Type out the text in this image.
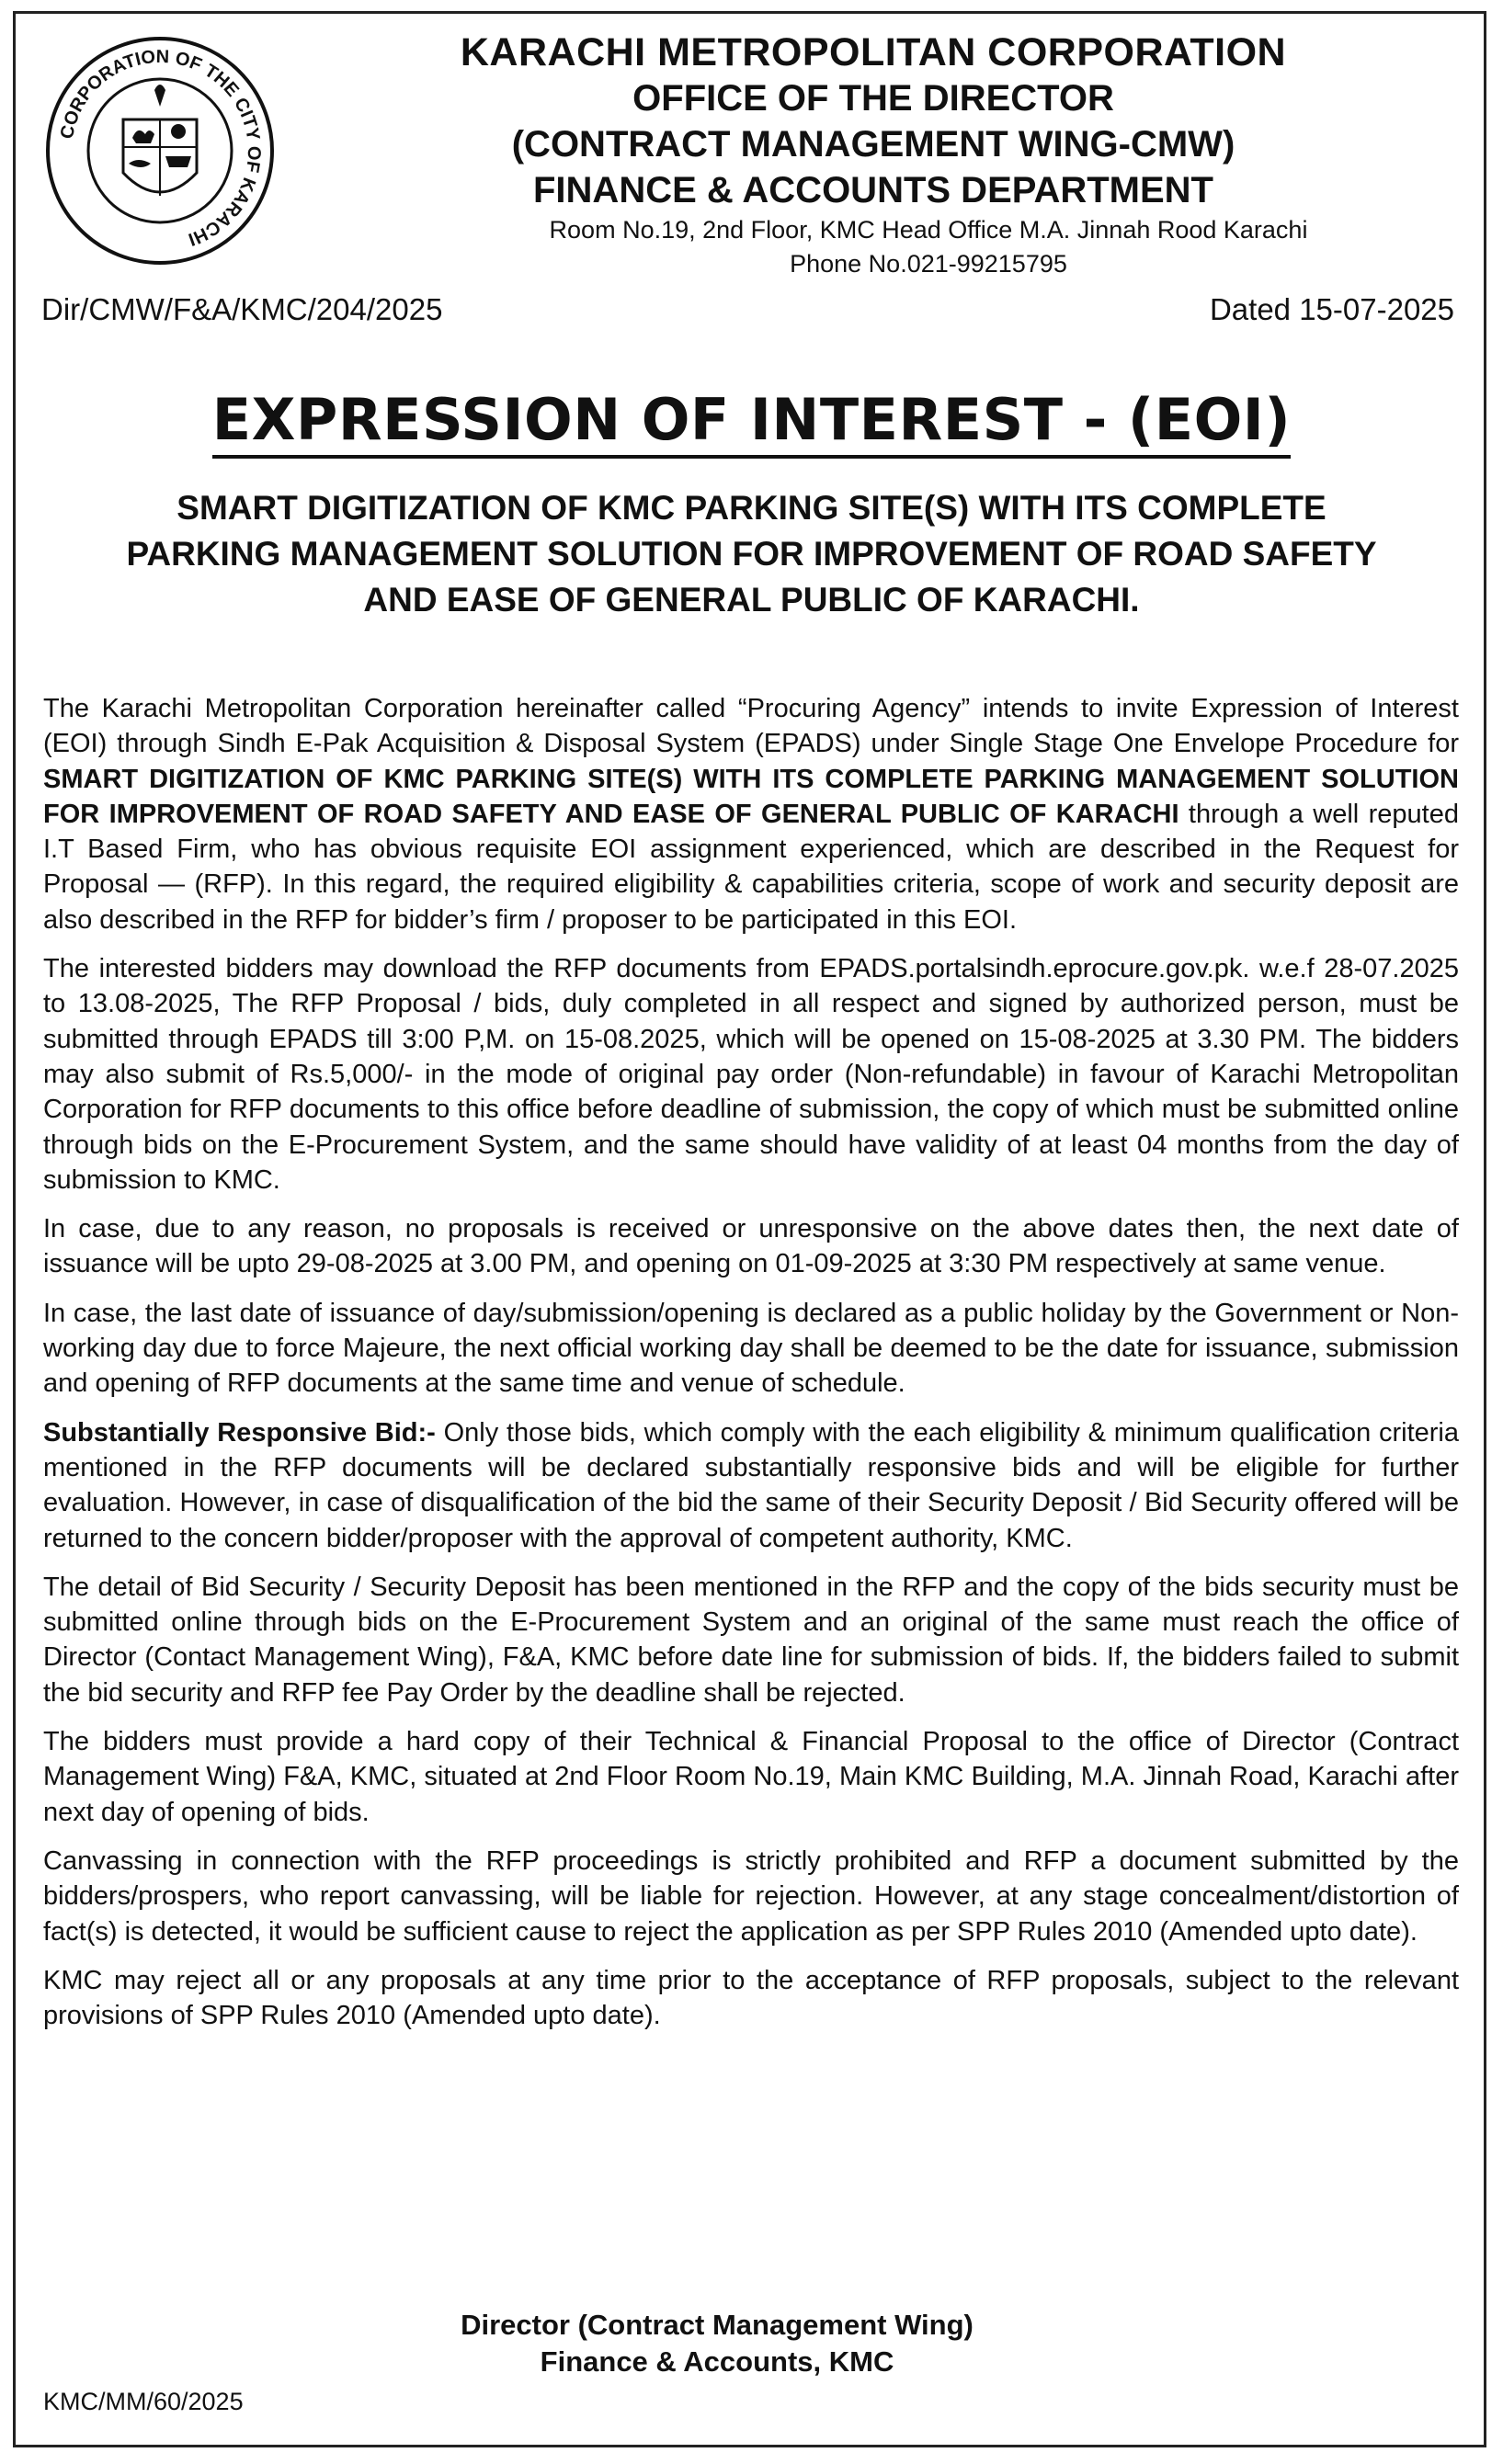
CORPORATION OF THE CITY OF KARACHI
KARACHI METROPOLITAN CORPORATION
OFFICE OF THE DIRECTOR
(CONTRACT MANAGEMENT WING-CMW)
FINANCE & ACCOUNTS DEPARTMENT
Room No.19, 2nd Floor, KMC Head Office M.A. Jinnah Rood Karachi
Phone No.021-99215795
Dir/CMW/F&A/KMC/204/2025	Dated 15-07-2025
EXPRESSION OF INTEREST - (EOI)
SMART DIGITIZATION OF KMC PARKING SITE(S) WITH ITS COMPLETE PARKING MANAGEMENT SOLUTION FOR IMPROVEMENT OF ROAD SAFETY AND EASE OF GENERAL PUBLIC OF KARACHI.

The Karachi Metropolitan Corporation hereinafter called “Procuring Agency” intends to invite Expression of Interest (EOI) through Sindh E-Pak Acquisition & Disposal System (EPADS) under Single Stage One Envelope Procedure for SMART DIGITIZATION OF KMC PARKING SITE(S) WITH ITS COMPLETE PARKING MANAGEMENT SOLUTION FOR IMPROVEMENT OF ROAD SAFETY AND EASE OF GENERAL PUBLIC OF KARACHI through a well reputed I.T Based Firm, who has obvious requisite EOI assignment experienced, which are described in the Request for Proposal — (RFP). In this regard, the required eligibility & capabilities criteria, scope of work and security deposit are also described in the RFP for bidder’s firm / proposer to be participated in this EOI.

The interested bidders may download the RFP documents from EPADS.portalsindh.eprocure.gov.pk. w.e.f 28-07.2025 to 13.08-2025, The RFP Proposal / bids, duly completed in all respect and signed by authorized person, must be submitted through EPADS till 3:00 P,M. on 15-08.2025, which will be opened on 15-08-2025 at 3.30 PM. The bidders may also submit of Rs.5,000/- in the mode of original pay order (Non-refundable) in favour of Karachi Metropolitan Corporation for RFP documents to this office before deadline of submission, the copy of which must be submitted online through bids on the E-Procurement System, and the same should have validity of at least 04 months from the day of submission to KMC.

In case, due to any reason, no proposals is received or unresponsive on the above dates then, the next date of issuance will be upto 29-08-2025 at 3.00 PM, and opening on 01-09-2025 at 3:30 PM respectively at same venue.

In case, the last date of issuance of day/submission/opening is declared as a public holiday by the Government or Non-working day due to force Majeure, the next official working day shall be deemed to be the date for issuance, submission and opening of RFP documents at the same time and venue of schedule.

Substantially Responsive Bid:- Only those bids, which comply with the each eligibility & minimum qualification criteria mentioned in the RFP documents will be declared substantially responsive bids and will be eligible for further evaluation. However, in case of disqualification of the bid the same of their Security Deposit / Bid Security offered will be returned to the concern bidder/proposer with the approval of competent authority, KMC.

The detail of Bid Security / Security Deposit has been mentioned in the RFP and the copy of the bids security must be submitted online through bids on the E-Procurement System and an original of the same must reach the office of Director (Contact Management Wing), F&A, KMC before date line for submission of bids. If, the bidders failed to submit the bid security and RFP fee Pay Order by the deadline shall be rejected.

The bidders must provide a hard copy of their Technical & Financial Proposal to the office of Director (Contract Management Wing) F&A, KMC, situated at 2nd Floor Room No.19, Main KMC Building, M.A. Jinnah Road, Karachi after next day of opening of bids.

Canvassing in connection with the RFP proceedings is strictly prohibited and RFP a document submitted by the bidders/prospers, who report canvassing, will be liable for rejection. However, at any stage concealment/distortion of fact(s) is detected, it would be sufficient cause to reject the application as per SPP Rules 2010 (Amended upto date).

KMC may reject all or any proposals at any time prior to the acceptance of RFP proposals, subject to the relevant provisions of SPP Rules 2010 (Amended upto date).

Director (Contract Management Wing)
Finance & Accounts, KMC
KMC/MM/60/2025
